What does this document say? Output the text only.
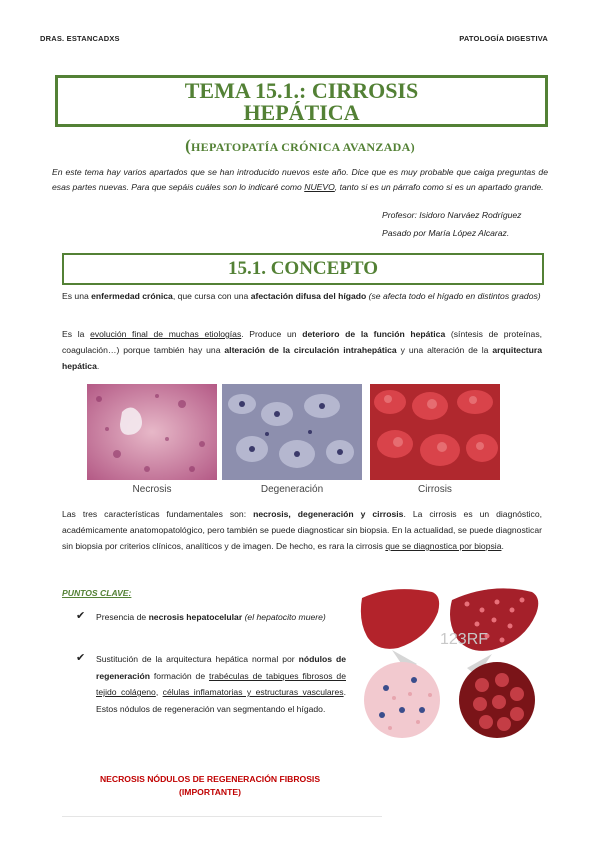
DRAS. ESTANCADXS	PATOLOGÍA DIGESTIVA
TEMA 15.1.: CIRROSIS
HEPÁTICA
(HEPATOPATÍA CRÓNICA AVANZADA)
En este tema hay varios apartados que se han introducido nuevos este año. Dice que es muy probable que caiga preguntas de esas partes nuevas. Para que sepáis cuáles son lo indicaré como NUEVO, tanto si es un párrafo como si es un apartado grande.
Profesor: Isidoro Narváez Rodríguez
Pasado por María López Alcaraz.
15.1. CONCEPTO
Es una enfermedad crónica, que cursa con una afectación difusa del hígado (se afecta todo el hígado en distintos grados)
Es la evolución final de muchas etiologías. Produce un deterioro de la función hepática (síntesis de proteínas, coagulación…) porque también hay una alteración de la circulación intrahepática y una alteración de la arquitectura hepática.
Necrosis	Degeneración	Cirrosis
Las tres características fundamentales son: necrosis, degeneración y cirrosis. La cirrosis es un diagnóstico, académicamente anatomopatológico, pero también se puede diagnosticar sin biopsia. En la actualidad, se puede diagnosticar sin biopsia por criterios clínicos, analíticos y de imagen. De hecho, es rara la cirrosis que se diagnostica por biopsia.
PUNTOS CLAVE:
✔ Presencia de necrosis hepatocelular (el hepatocito muere)
✔ Sustitución de la arquitectura hepática normal por nódulos de regeneración formación de trabéculas de tabiques fibrosos de tejido colágeno, células inflamatorias y estructuras vasculares. Estos nódulos de regeneración van segmentando el hígado.
123RF
NECROSIS NÓDULOS DE REGENERACIÓN FIBROSIS
(IMPORTANTE)
